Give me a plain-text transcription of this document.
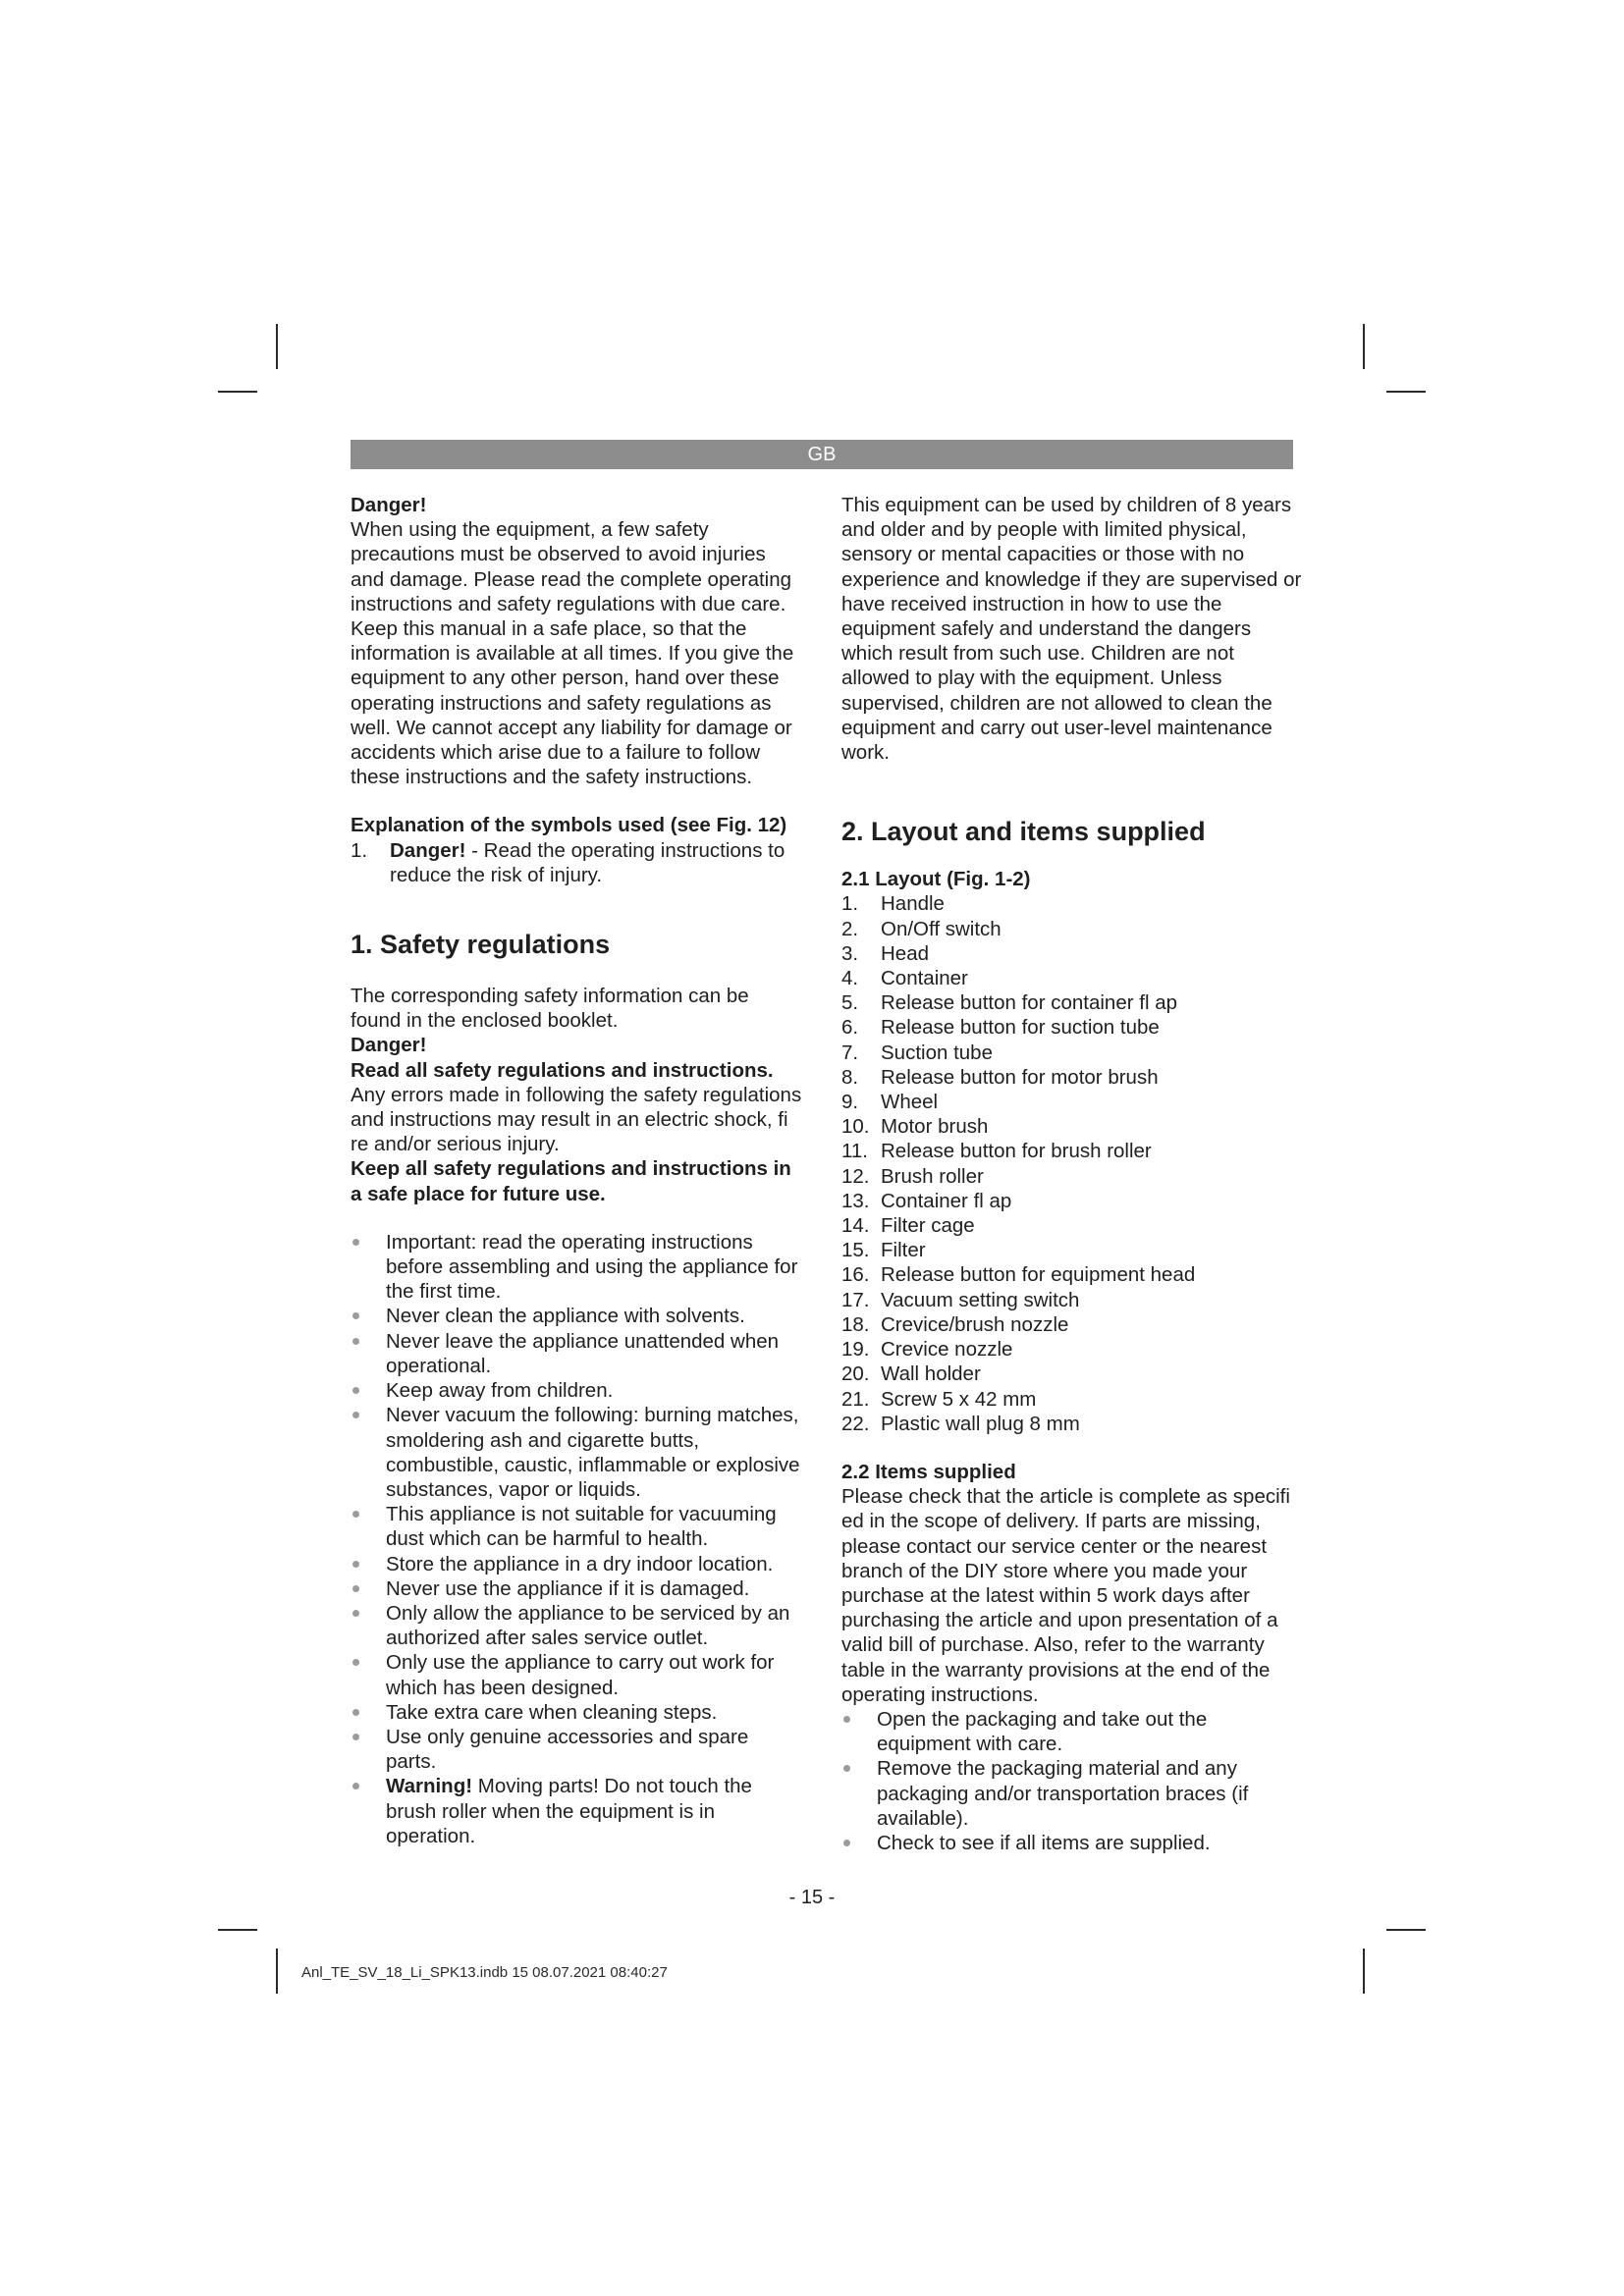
GB

Danger!

When using the equipment, a few safety precautions must be observed to avoid injuries and damage. Please read the complete operating instructions and safety regulations with due care. Keep this manual in a safe place, so that the information is available at all times. If you give the equipment to any other person, hand over these operating instructions and safety regulations as well. We cannot accept any liability for damage or accidents which arise due to a failure to follow these instructions and the safety instructions.

Explanation of the symbols used (see Fig. 12)

1. Danger! - Read the operating instructions to reduce the risk of injury.
1. Safety regulations

The corresponding safety information can be found in the enclosed booklet.

Danger!

Read all safety regulations and instructions.

Any errors made in following the safety regulations and instructions may result in an electric shock, fi re and/or serious injury.

Keep all safety regulations and instructions in a safe place for future use.

Important: read the operating instructions before assembling and using the appliance for the first time.
Never clean the appliance with solvents.
Never leave the appliance unattended when operational.
Keep away from children.
Never vacuum the following: burning matches, smoldering ash and cigarette butts, combustible, caustic, inflammable or explosive substances, vapor or liquids.
This appliance is not suitable for vacuuming dust which can be harmful to health.
Store the appliance in a dry indoor location.
Never use the appliance if it is damaged.
Only allow the appliance to be serviced by an authorized after sales service outlet.
Only use the appliance to carry out work for which has been designed.
Take extra care when cleaning steps.
Use only genuine accessories and spare parts.
Warning! Moving parts! Do not touch the brush roller when the equipment is in operation.

This equipment can be used by children of 8 years and older and by people with limited physical, sensory or mental capacities or those with no experience and knowledge if they are supervised or have received instruction in how to use the equipment safely and understand the dangers which result from such use. Children are not allowed to play with the equipment. Unless supervised, children are not allowed to clean the equipment and carry out user-level maintenance work.

2. Layout and items supplied

2.1 Layout (Fig. 1-2)

1. Handle
2. On/Off switch
3. Head
4. Container
5. Release button for container fl ap
6. Release button for suction tube
7. Suction tube
8. Release button for motor brush
9. Wheel
10. Motor brush
11. Release button for brush roller
12. Brush roller
13. Container fl ap
14. Filter cage
15. Filter
16. Release button for equipment head
17. Vacuum setting switch
18. Crevice/brush nozzle
19. Crevice nozzle
20. Wall holder
21. Screw 5 x 42 mm
22. Plastic wall plug 8 mm

2.2 Items supplied

Please check that the article is complete as specifi ed in the scope of delivery. If parts are missing, please contact our service center or the nearest branch of the DIY store where you made your purchase at the latest within 5 work days after purchasing the article and upon presentation of a valid bill of purchase. Also, refer to the warranty table in the warranty provisions at the end of the operating instructions.

Open the packaging and take out the equipment with care.
Remove the packaging material and any packaging and/or transportation braces (if available).
Check to see if all items are supplied.
- 15 -
Anl_TE_SV_18_Li_SPK13.indb 15 08.07.2021 08:40:27
